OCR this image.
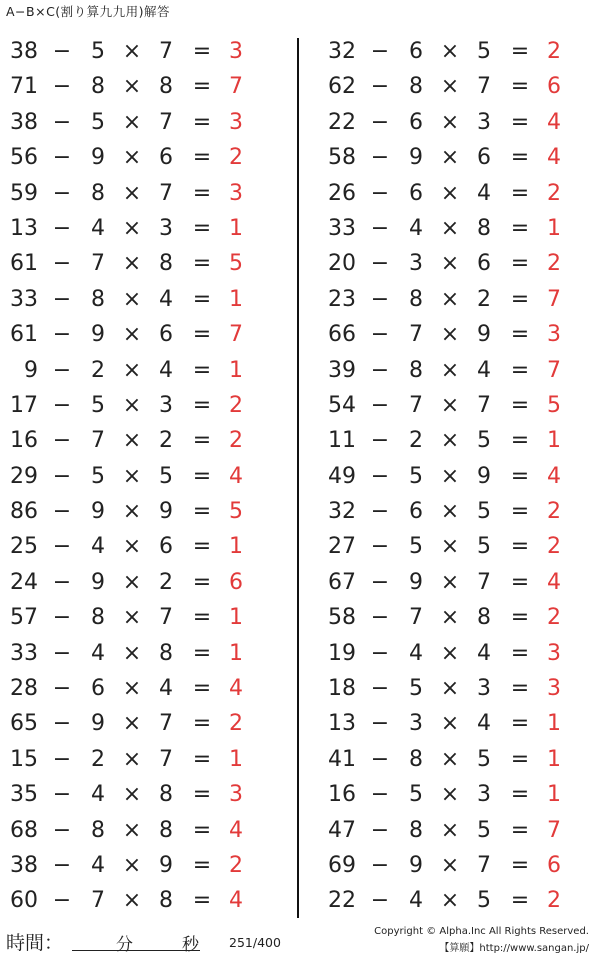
A−B×C(割り算九九用)解答
38 − 5 × 7 = 3
71 − 8 × 8 = 7
38 − 5 × 7 = 3
56 − 9 × 6 = 2
59 − 8 × 7 = 3
13 − 4 × 3 = 1
61 − 7 × 8 = 5
33 − 8 × 4 = 1
61 − 9 × 6 = 7
9 − 2 × 4 = 1
17 − 5 × 3 = 2
16 − 7 × 2 = 2
29 − 5 × 5 = 4
86 − 9 × 9 = 5
25 − 4 × 6 = 1
24 − 9 × 2 = 6
57 − 8 × 7 = 1
33 − 4 × 8 = 1
28 − 6 × 4 = 4
65 − 9 × 7 = 2
15 − 2 × 7 = 1
35 − 4 × 8 = 3
68 − 8 × 8 = 4
38 − 4 × 9 = 2
60 − 7 × 8 = 4
32 − 6 × 5 = 2
62 − 8 × 7 = 6
22 − 6 × 3 = 4
58 − 9 × 6 = 4
26 − 6 × 4 = 2
33 − 4 × 8 = 1
20 − 3 × 6 = 2
23 − 8 × 2 = 7
66 − 7 × 9 = 3
39 − 8 × 4 = 7
54 − 7 × 7 = 5
11 − 2 × 5 = 1
49 − 5 × 9 = 4
32 − 6 × 5 = 2
27 − 5 × 5 = 2
67 − 9 × 7 = 4
58 − 7 × 8 = 2
19 − 4 × 4 = 3
18 − 5 × 3 = 3
13 − 3 × 4 = 1
41 − 8 × 5 = 1
16 − 5 × 3 = 1
47 − 8 × 5 = 7
69 − 9 × 7 = 6
22 − 4 × 5 = 2
時間：	分	秒 251/400
Copyright © Alpha.Inc All Rights Reserved.
【算願】http://www.sangan.jp/
